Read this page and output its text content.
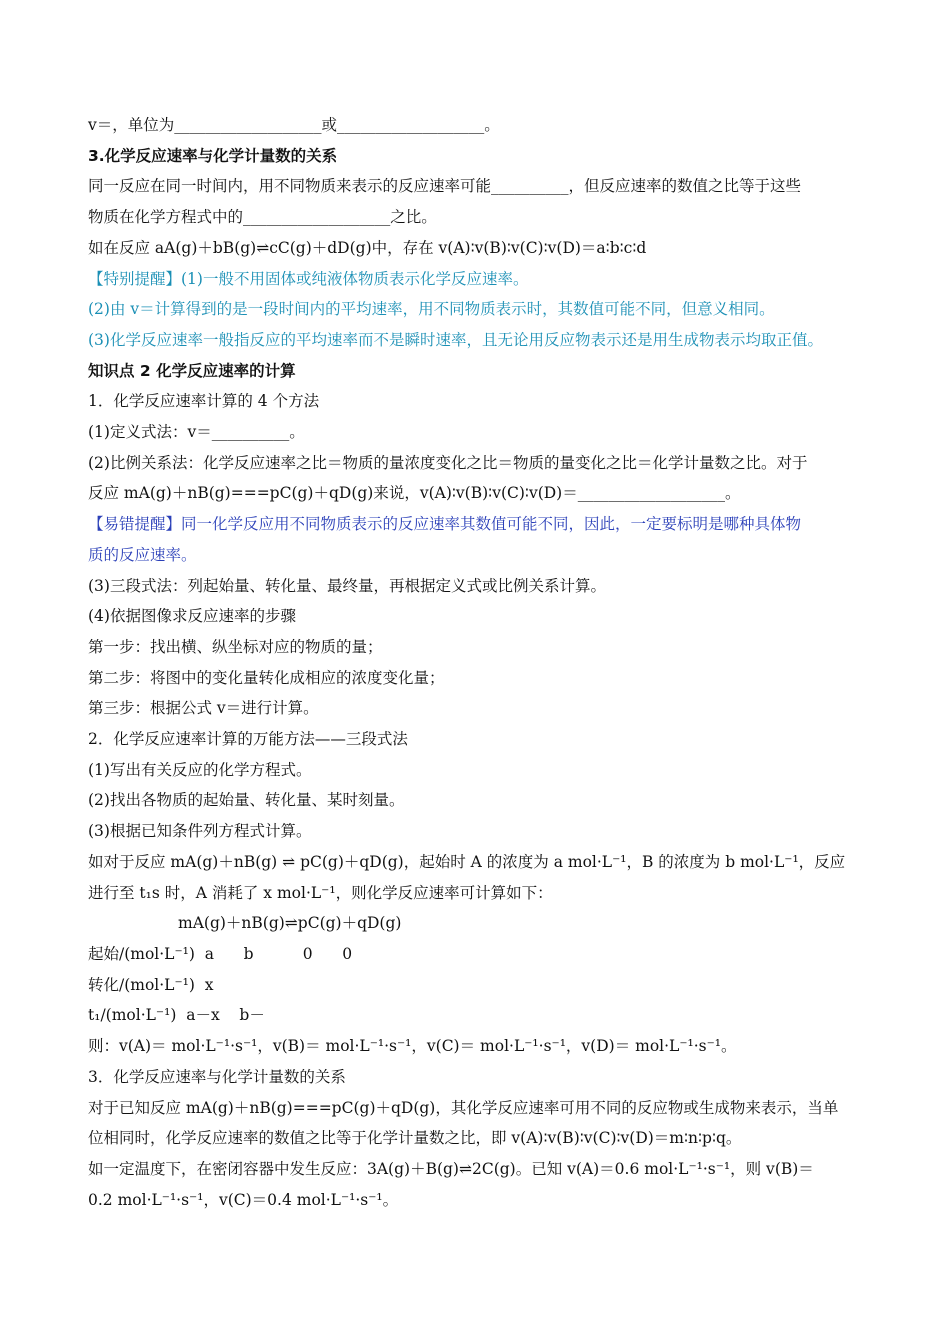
v＝，单位为___________________或___________________。
3.化学反应速率与化学计量数的关系
同一反应在同一时间内，用不同物质来表示的反应速率可能__________，但反应速率的数值之比等于这些
物质在化学方程式中的___________________之比。
如在反应 aA(g)＋bB(g)⇌cC(g)＋dD(g)中，存在 v(A)∶v(B)∶v(C)∶v(D)＝a∶b∶c∶d
【特别提醒】(1)一般不用固体或纯液体物质表示化学反应速率。
(2)由 v＝计算得到的是一段时间内的平均速率，用不同物质表示时，其数值可能不同，但意义相同。
(3)化学反应速率一般指反应的平均速率而不是瞬时速率，且无论用反应物表示还是用生成物表示均取正值。
知识点 2 化学反应速率的计算
1．化学反应速率计算的 4 个方法
(1)定义式法：v＝__________。
(2)比例关系法：化学反应速率之比＝物质的量浓度变化之比＝物质的量变化之比＝化学计量数之比。对于
反应 mA(g)＋nB(g)===pC(g)＋qD(g)来说，v(A)∶v(B)∶v(C)∶v(D)＝___________________。
【易错提醒】同一化学反应用不同物质表示的反应速率其数值可能不同，因此，一定要标明是哪种具体物
质的反应速率。
(3)三段式法：列起始量、转化量、最终量，再根据定义式或比例关系计算。
(4)依据图像求反应速率的步骤
第一步：找出横、纵坐标对应的物质的量；
第二步：将图中的变化量转化成相应的浓度变化量；
第三步：根据公式 v＝进行计算。
2．化学反应速率计算的万能方法——三段式法
(1)写出有关反应的化学方程式。
(2)找出各物质的起始量、转化量、某时刻量。
(3)根据已知条件列方程式计算。
如对于反应 mA(g)＋nB(g) ⇌ pC(g)＋qD(g)，起始时 A 的浓度为 a mol·L⁻¹，B 的浓度为 b mol·L⁻¹，反应
进行至 t₁s 时，A 消耗了 x mol·L⁻¹，则化学反应速率可计算如下：
mA(g)＋nB(g)⇌pC(g)＋qD(g)
起始/(mol·L⁻¹)  a      b          0      0
转化/(mol·L⁻¹)  x
t₁/(mol·L⁻¹)  a－x    b－
则：v(A)＝ mol·L⁻¹·s⁻¹，v(B)＝ mol·L⁻¹·s⁻¹，v(C)＝ mol·L⁻¹·s⁻¹，v(D)＝ mol·L⁻¹·s⁻¹。
3．化学反应速率与化学计量数的关系
对于已知反应 mA(g)＋nB(g)===pC(g)＋qD(g)，其化学反应速率可用不同的反应物或生成物来表示，当单
位相同时，化学反应速率的数值之比等于化学计量数之比，即 v(A)∶v(B)∶v(C)∶v(D)＝m∶n∶p∶q。
如一定温度下，在密闭容器中发生反应：3A(g)＋B(g)⇌2C(g)。已知 v(A)＝0.6 mol·L⁻¹·s⁻¹，则 v(B)＝
0.2 mol·L⁻¹·s⁻¹，v(C)＝0.4 mol·L⁻¹·s⁻¹。
